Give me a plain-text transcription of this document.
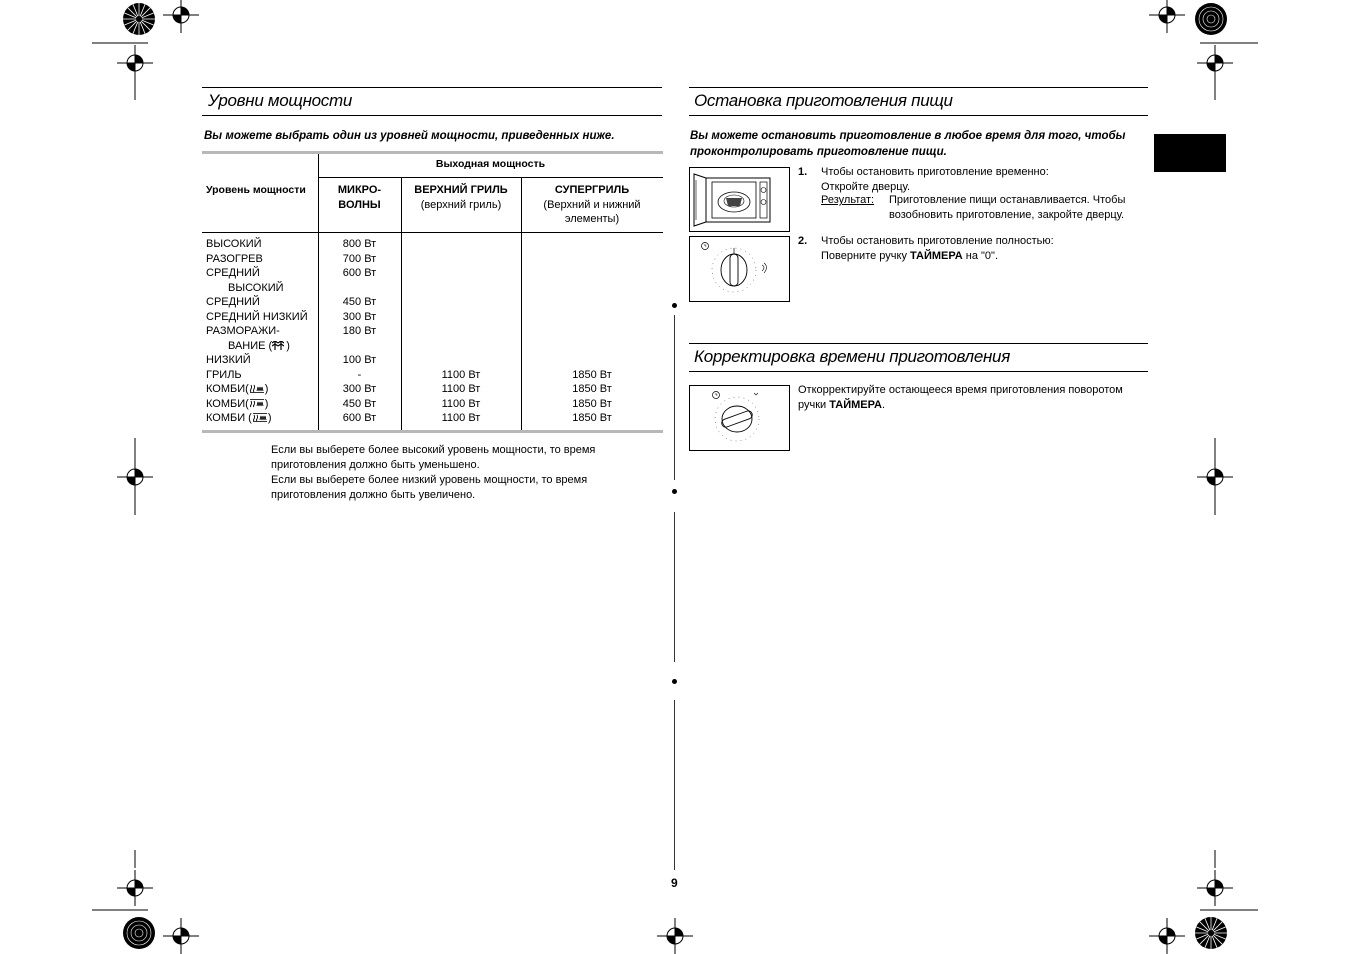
Уровни мощности
Вы можете выбрать один из уровней мощности, приведенных ниже.
Выходная мощность
Уровень мощности	МИКРО-
ВОЛНЫ
ВЕРХНИЙ ГРИЛЬ
(верхний гриль)
СУПЕРГРИЛЬ
(Верхний и нижний
элементы)
ВЫСОКИЙ
РАЗОГРЕВ
СРЕДНИЙ
ВЫСОКИЙ
СРЕДНИЙ
СРЕДНИЙ НИЗКИЙ
РАЗМОРАЖИ-
ВАНИЕ ( )
НИЗКИЙ
ГРИЛЬ
КОМБИ( )
КОМБИ( )
КОМБИ ( )
800 Вт
700 Вт
600 Вт
450 Вт
300 Вт
180 Вт
100 Вт
-
300 Вт
450 Вт
600 Вт
1100 Вт
1100 Вт
1100 Вт
1100 Вт
1850 Вт
1850 Вт
1850 Вт
1850 Вт
Если вы выберете более высокий уровень мощности, то время
приготовления должно быть уменьшено.
Если вы выберете более низкий уровень мощности, то время
приготовления должно быть увеличено.
Остановка приготовления пищи
Вы можете остановить приготовление в любое время для того, чтобы
проконтролировать приготовление пищи.
1. Чтобы остановить приготовление временно:
Откройте дверцу.
Результат: Приготовление пищи останавливается. Чтобы
возобновить приготовление, закройте дверцу.
2. Чтобы остановить приготовление полностью:
Поверните ручку ТАЙМЕРА на "0".
Корректировка времени приготовления
Откорректируйте остающееся время приготовления поворотом
ручки ТАЙМЕРА.
9
